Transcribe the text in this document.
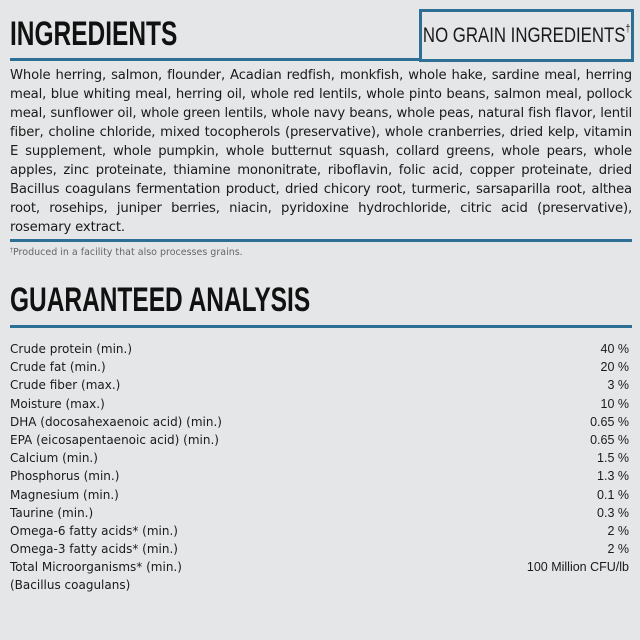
INGREDIENTS	NO GRAIN INGREDIENTS†
Whole herring, salmon, flounder, Acadian redfish, monkfish, whole hake, sardine meal, herring meal, blue whiting meal, herring oil, whole red lentils, whole pinto beans, salmon meal, pollock meal, sunflower oil, whole green lentils, whole navy beans, whole peas, natural fish flavor, lentil fiber, choline chloride, mixed tocopherols (preservative), whole cranberries, dried kelp, vitamin E supplement, whole pumpkin, whole butternut squash, collard greens, whole pears, whole apples, zinc proteinate, thiamine mononitrate, riboflavin, folic acid, copper proteinate, dried Bacillus coagulans fermentation product, dried chicory root, turmeric, sarsaparilla root, althea root, rosehips, juniper berries, niacin, pyridoxine hydrochloride, citric acid (preservative), rosemary extract.
†Produced in a facility that also processes grains.
GUARANTEED ANALYSIS
Crude protein (min.)	40 %
Crude fat (min.)	20 %
Crude fiber (max.)	3 %
Moisture (max.)	10 %
DHA (docosahexaenoic acid) (min.)	0.65 %
EPA (eicosapentaenoic acid) (min.)	0.65 %
Calcium (min.)	1.5 %
Phosphorus (min.)	1.3 %
Magnesium (min.)	0.1 %
Taurine (min.)	0.3 %
Omega-6 fatty acids* (min.)	2 %
Omega-3 fatty acids* (min.)	2 %
Total Microorganisms* (min.)	100 Million CFU/lb
(Bacillus coagulans)
